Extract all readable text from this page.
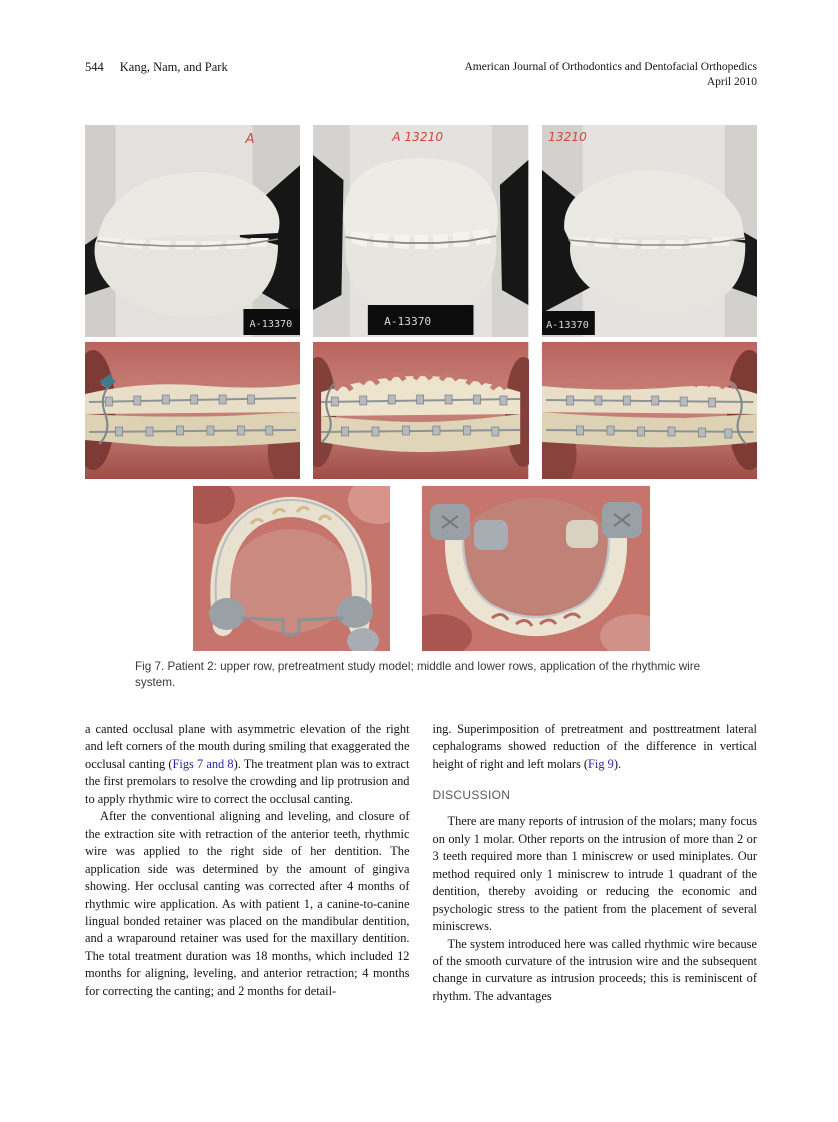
544 Kang, Nam, and Park	American Journal of Orthodontics and Dentofacial Orthopedics
April 2010
A
A-13370
A 13210
A-13370
13210
A-13370
Fig 7. Patient 2: upper row, pretreatment study model; middle and lower rows, application of the rhythmic wire system.

a canted occlusal plane with asymmetric elevation of the right and left corners of the mouth during smiling that exaggerated the occlusal canting (Figs 7 and 8). The treatment plan was to extract the first premolars to resolve the crowding and lip protrusion and to apply rhythmic wire to correct the occlusal canting.

After the conventional aligning and leveling, and closure of the extraction site with retraction of the anterior teeth, rhythmic wire was applied to the right side of her dentition. The application side was determined by the amount of gingiva showing. Her occlusal canting was corrected after 4 months of rhythmic wire application. As with patient 1, a canine-to-canine lingual bonded retainer was placed on the mandibular dentition, and a wraparound retainer was used for the maxillary dentition. The total treatment duration was 18 months, which included 12 months for aligning, leveling, and anterior retraction; 4 months for correcting the canting; and 2 months for detail-

ing. Superimposition of pretreatment and posttreatment lateral cephalograms showed reduction of the difference in vertical height of right and left molars (Fig 9).

DISCUSSION

There are many reports of intrusion of the molars; many focus on only 1 molar. Other reports on the intrusion of more than 2 or 3 teeth required more than 1 miniscrew or used miniplates. Our method required only 1 miniscrew to intrude 1 quadrant of the dentition, thereby avoiding or reducing the economic and psychologic stress to the patient from the placement of several miniscrews.

The system introduced here was called rhythmic wire because of the smooth curvature of the intrusion wire and the subsequent change in curvature as intrusion proceeds; this is reminiscent of rhythm. The advantages
